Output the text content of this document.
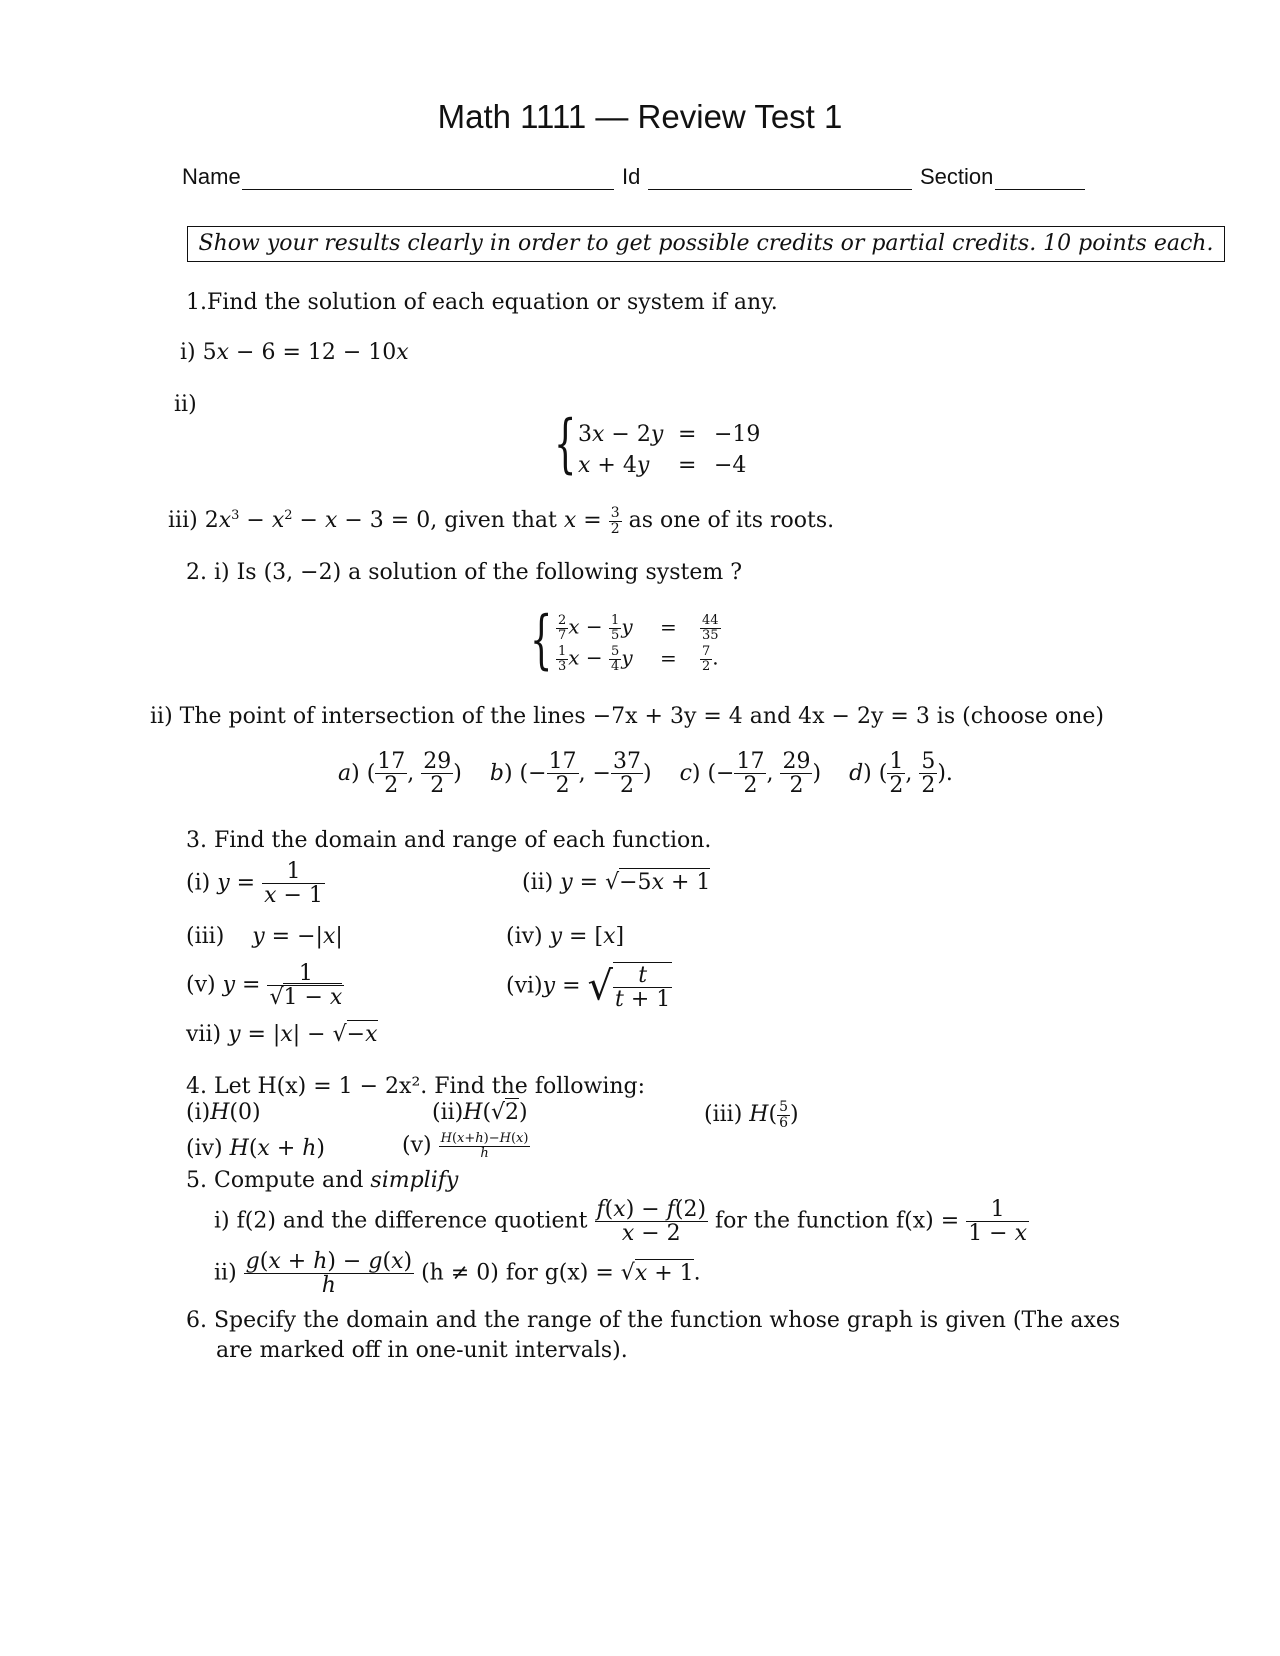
Math 1111 — Review Test 1
Name	Id	Section
Show your results clearly in order to get possible credits or partial credits. 10 points each.
1.Find the solution of each equation or system if any.
i) 5x − 6 = 12 − 10x
ii)
{ 3x − 2y = −19
x + 4y = −4
iii) $2x^3 - x^2 - x - 3 = 0$, given that $x = \frac{3}{2}$ as one of its roots.
2. i) Is (3, −2) a solution of the following system ?
{ $\frac{2}{7}$ $x - \frac{1}{5}$ $y = \frac{44}{35}$
$\frac{1}{3}$ $x - \frac{5}{4}$ $y = \frac{7}{2}$ .
ii) The point of intersection of the lines −7x + 3y = 4 and 4x − 2y = 3 is (choose one)
a) ( $\frac{17}{2}$ , $\frac{29}{2}$ ) b) (− $\frac{17}{2}$ , − $\frac{37}{2}$ ) c) (− $\frac{17}{2}$ , $\frac{29}{2}$ ) d) ( $\frac{1}{2}$ , $\frac{5}{2}$ ).
3. Find the domain and range of each function.
(i) $y = \frac{1}{x - 1}$	(ii) y = √−5x + 1
(iii)    y = −|x|	(iv) y = [x]
(v) $y = \frac{1}{√1 - x}$	(vi)y = √ $\frac{t}{t + 1}$
vii) y = |x| − √−x
4. Let H(x) = 1 − 2x². Find the following:
(i)H(0)	(ii)H(√2)	(iii) $H( \frac{5}{6}$ )
(iv) H(x + h)	$(v) \frac{H(x+h)-H(x)}{h}$
5. Compute and simplify
i) f(2) and the difference quotient $\frac{f(x) - f(2)}{x - 2}$ for the function $f(x) = \frac{1}{1 - x}$
$ii) \frac{g(x + h) - g(x)}{h} (h \ne 0)$ for g(x) = √x + 1.
6. Specify the domain and the range of the function whose graph is given (The axes
are marked off in one-unit intervals).
